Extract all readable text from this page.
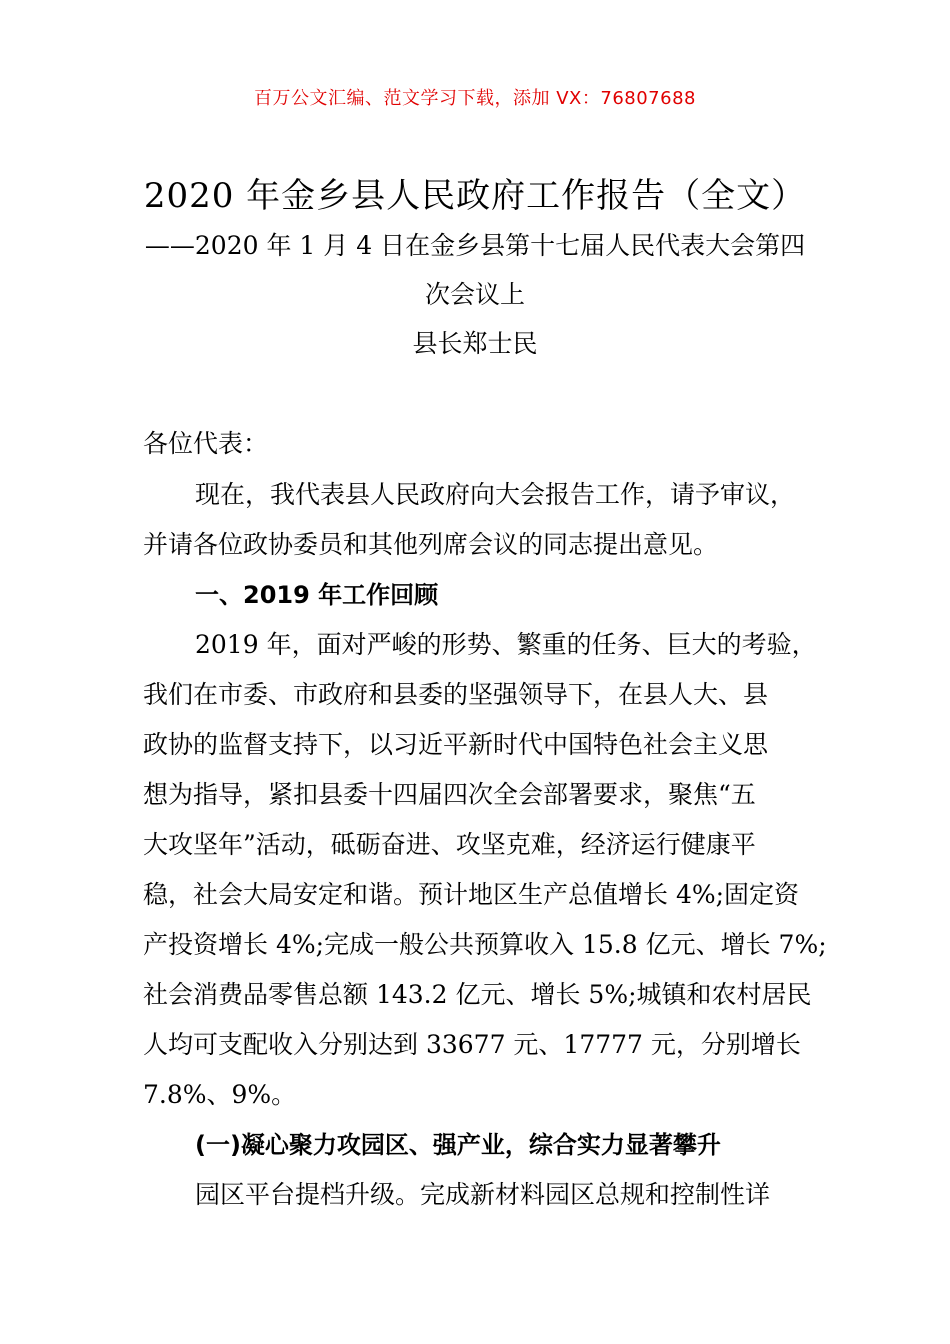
百万公文汇编、范文学习下载，添加 VX：76807688
2020 年金乡县人民政府工作报告（全文）
——2020 年 1 月 4 日在金乡县第十七届人民代表大会第四
次会议上
县长郑士民
各位代表：
现在，我代表县人民政府向大会报告工作，请予审议，
并请各位政协委员和其他列席会议的同志提出意见。
一、2019 年工作回顾
2019 年，面对严峻的形势、繁重的任务、巨大的考验，
我们在市委、市政府和县委的坚强领导下，在县人大、县
政协的监督支持下，以习近平新时代中国特色社会主义思
想为指导，紧扣县委十四届四次全会部署要求，聚焦“五
大攻坚年”活动，砥砺奋进、攻坚克难，经济运行健康平
稳，社会大局安定和谐。预计地区生产总值增长 4%;固定资
产投资增长 4%;完成一般公共预算收入 15.8 亿元、增长 7%;
社会消费品零售总额 143.2 亿元、增长 5%;城镇和农村居民
人均可支配收入分别达到 33677 元、17777 元，分别增长
7.8%、9%。
(一)凝心聚力攻园区、强产业，综合实力显著攀升
园区平台提档升级。完成新材料园区总规和控制性详
